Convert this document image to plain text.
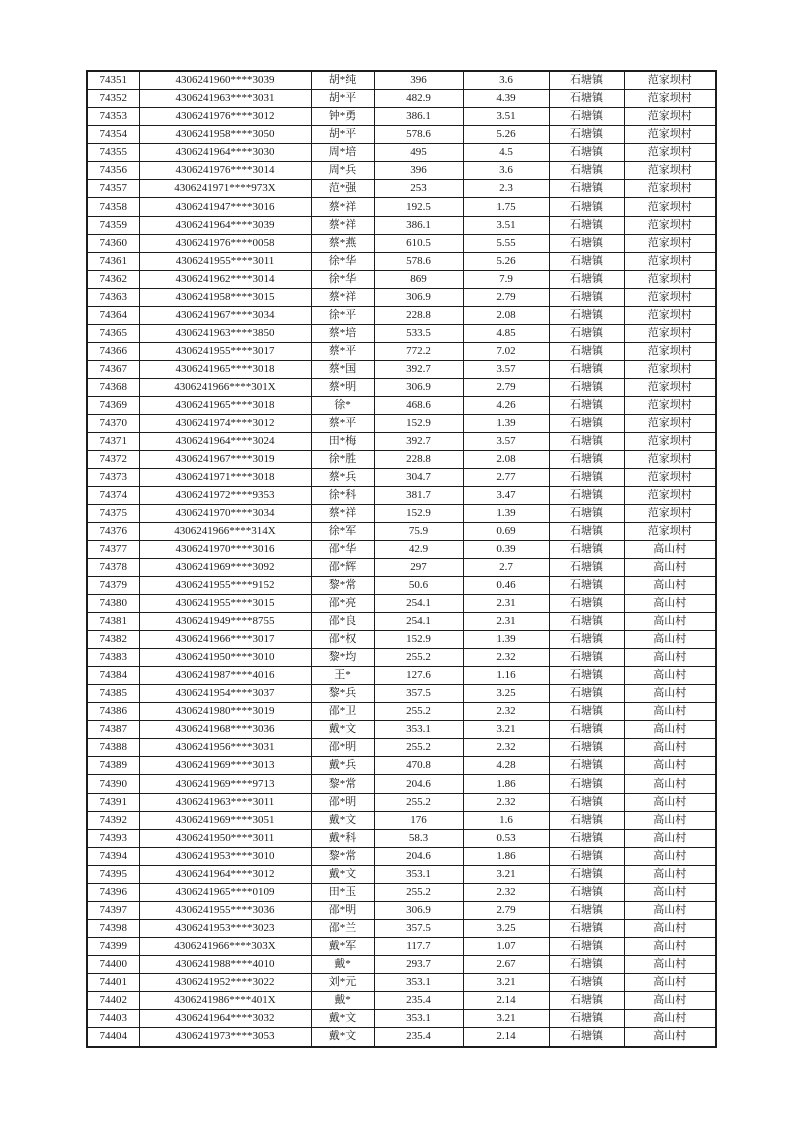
74351	4306241960****3039	胡*纯	396	3.6	石塘镇	范家坝村
74352	4306241963****3031	胡*平	482.9	4.39	石塘镇	范家坝村
74353	4306241976****3012	钟*勇	386.1	3.51	石塘镇	范家坝村
74354	4306241958****3050	胡*平	578.6	5.26	石塘镇	范家坝村
74355	4306241964****3030	周*培	495	4.5	石塘镇	范家坝村
74356	4306241976****3014	周*兵	396	3.6	石塘镇	范家坝村
74357	4306241971****973X	范*强	253	2.3	石塘镇	范家坝村
74358	4306241947****3016	蔡*祥	192.5	1.75	石塘镇	范家坝村
74359	4306241964****3039	蔡*祥	386.1	3.51	石塘镇	范家坝村
74360	4306241976****0058	蔡*燕	610.5	5.55	石塘镇	范家坝村
74361	4306241955****3011	徐*华	578.6	5.26	石塘镇	范家坝村
74362	4306241962****3014	徐*华	869	7.9	石塘镇	范家坝村
74363	4306241958****3015	蔡*祥	306.9	2.79	石塘镇	范家坝村
74364	4306241967****3034	徐*平	228.8	2.08	石塘镇	范家坝村
74365	4306241963****3850	蔡*培	533.5	4.85	石塘镇	范家坝村
74366	4306241955****3017	蔡*平	772.2	7.02	石塘镇	范家坝村
74367	4306241965****3018	蔡*国	392.7	3.57	石塘镇	范家坝村
74368	4306241966****301X	蔡*明	306.9	2.79	石塘镇	范家坝村
74369	4306241965****3018	徐*	468.6	4.26	石塘镇	范家坝村
74370	4306241974****3012	蔡*平	152.9	1.39	石塘镇	范家坝村
74371	4306241964****3024	田*梅	392.7	3.57	石塘镇	范家坝村
74372	4306241967****3019	徐*胜	228.8	2.08	石塘镇	范家坝村
74373	4306241971****3018	蔡*兵	304.7	2.77	石塘镇	范家坝村
74374	4306241972****9353	徐*科	381.7	3.47	石塘镇	范家坝村
74375	4306241970****3034	蔡*祥	152.9	1.39	石塘镇	范家坝村
74376	4306241966****314X	徐*军	75.9	0.69	石塘镇	范家坝村
74377	4306241970****3016	邵*华	42.9	0.39	石塘镇	高山村
74378	4306241969****3092	邵*辉	297	2.7	石塘镇	高山村
74379	4306241955****9152	黎*常	50.6	0.46	石塘镇	高山村
74380	4306241955****3015	邵*亮	254.1	2.31	石塘镇	高山村
74381	4306241949****8755	邵*良	254.1	2.31	石塘镇	高山村
74382	4306241966****3017	邵*权	152.9	1.39	石塘镇	高山村
74383	4306241950****3010	黎*均	255.2	2.32	石塘镇	高山村
74384	4306241987****4016	王*	127.6	1.16	石塘镇	高山村
74385	4306241954****3037	黎*兵	357.5	3.25	石塘镇	高山村
74386	4306241980****3019	邵*卫	255.2	2.32	石塘镇	高山村
74387	4306241968****3036	戴*文	353.1	3.21	石塘镇	高山村
74388	4306241956****3031	邵*明	255.2	2.32	石塘镇	高山村
74389	4306241969****3013	戴*兵	470.8	4.28	石塘镇	高山村
74390	4306241969****9713	黎*常	204.6	1.86	石塘镇	高山村
74391	4306241963****3011	邵*明	255.2	2.32	石塘镇	高山村
74392	4306241969****3051	戴*文	176	1.6	石塘镇	高山村
74393	4306241950****3011	戴*科	58.3	0.53	石塘镇	高山村
74394	4306241953****3010	黎*常	204.6	1.86	石塘镇	高山村
74395	4306241964****3012	戴*文	353.1	3.21	石塘镇	高山村
74396	4306241965****0109	田*玉	255.2	2.32	石塘镇	高山村
74397	4306241955****3036	邵*明	306.9	2.79	石塘镇	高山村
74398	4306241953****3023	邵*兰	357.5	3.25	石塘镇	高山村
74399	4306241966****303X	戴*军	117.7	1.07	石塘镇	高山村
74400	4306241988****4010	戴*	293.7	2.67	石塘镇	高山村
74401	4306241952****3022	刘*元	353.1	3.21	石塘镇	高山村
74402	4306241986****401X	戴*	235.4	2.14	石塘镇	高山村
74403	4306241964****3032	戴*文	353.1	3.21	石塘镇	高山村
74404	4306241973****3053	戴*文	235.4	2.14	石塘镇	高山村
